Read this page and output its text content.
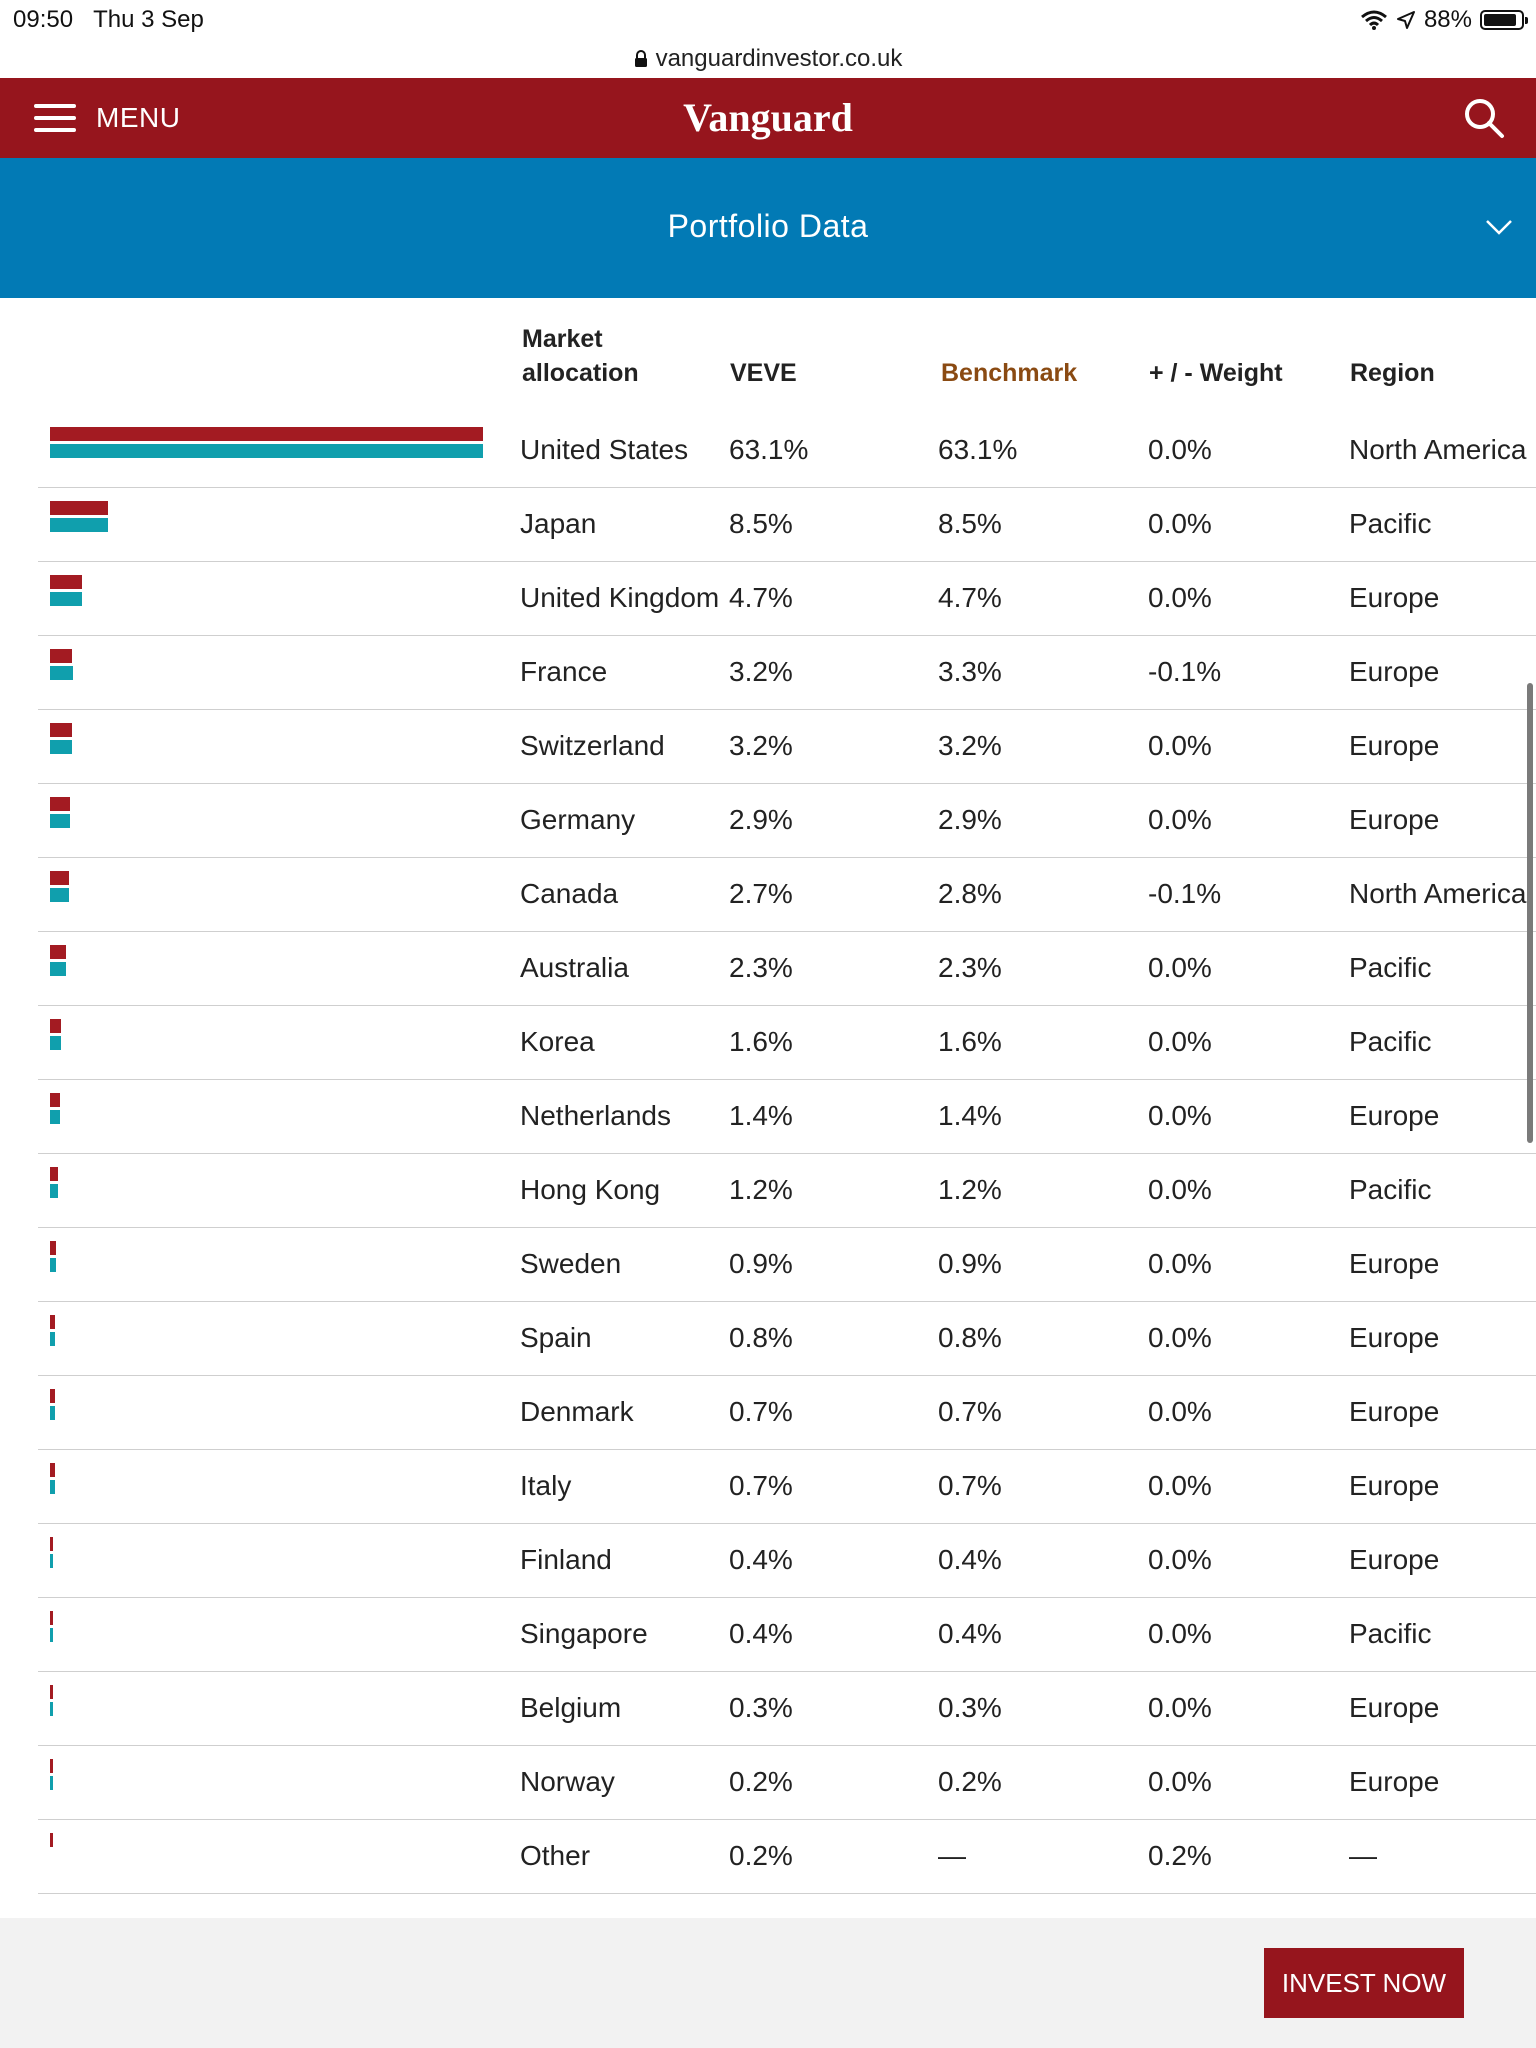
09:50 Thu 3 Sep	88%
vanguardinvestor.co.uk
MENU	Vanguard
Portfolio Data
Market
allocation	VEVE	Benchmark	+ / - Weight	Region
United States 63.1%	63.1%	0.0%	North America
Japan	8.5%	8.5%	0.0%	Pacific
United Kingdom 4.7%	4.7%	0.0%	Europe
France	3.2%	3.3%	-0.1%	Europe
Switzerland 3.2%	3.2%	0.0%	Europe
Germany	2.9%	2.9%	0.0%	Europe
Canada	2.7%	2.8%	-0.1%	North America
Australia	2.3%	2.3%	0.0%	Pacific
Korea	1.6%	1.6%	0.0%	Pacific
Netherlands 1.4%	1.4%	0.0%	Europe
Hong Kong 1.2%	1.2%	0.0%	Pacific
Sweden	0.9%	0.9%	0.0%	Europe
Spain	0.8%	0.8%	0.0%	Europe
Denmark	0.7%	0.7%	0.0%	Europe
Italy	0.7%	0.7%	0.0%	Europe
Finland	0.4%	0.4%	0.0%	Europe
Singapore	0.4%	0.4%	0.0%	Pacific
Belgium	0.3%	0.3%	0.0%	Europe
Norway	0.2%	0.2%	0.0%	Europe
Other	0.2%	—	0.2%	—
INVEST NOW
